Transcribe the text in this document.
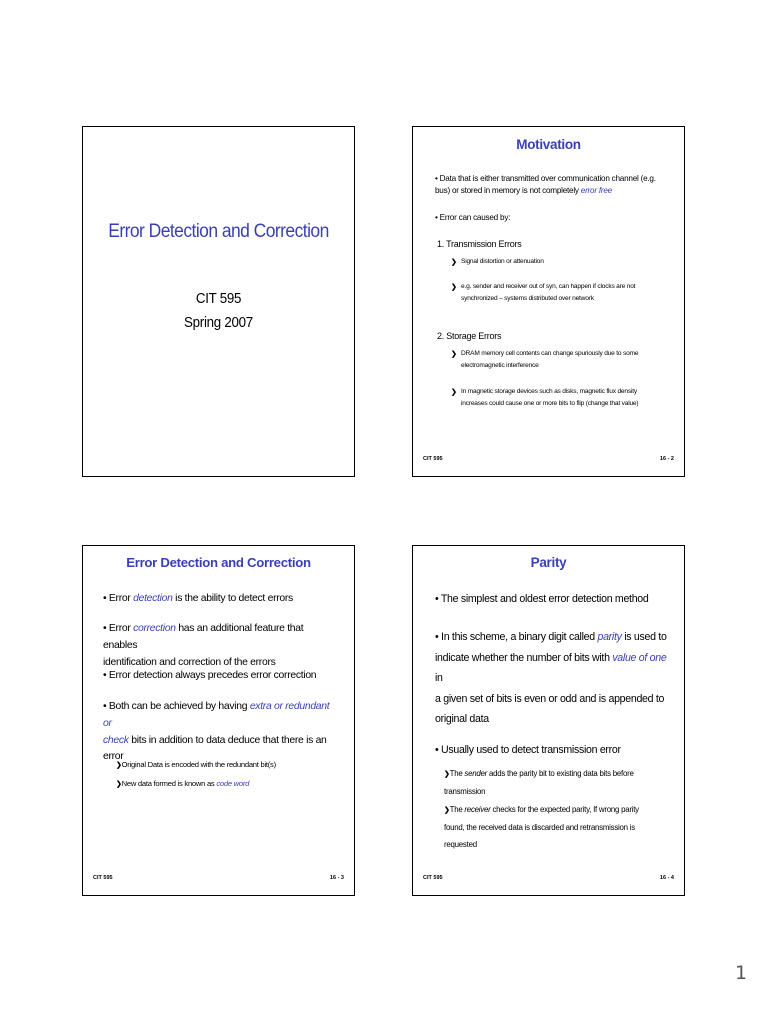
Error Detection and Correction
CIT 595
Spring 2007
Motivation
• Data that is either transmitted over communication channel (e.g.
bus) or stored in memory is not completely error free
• Error can caused by:
1. Transmission Errors
❯ Signal distortion or attenuation
❯ e.g. sender and receiver out of syn, can happen if clocks are not
synchronized – systems distributed over network
2. Storage Errors
❯ DRAM memory cell contents can change spuriously due to some
electromagnetic interference
❯ In magnetic storage devices such as disks, magnetic flux density
increases could cause one or more bits to flip (change that value)
CIT 595	16 - 2
Error Detection and Correction
• Error detection is the ability to detect errors
• Error correction has an additional feature that enables
identification and correction of the errors
• Error detection always precedes error correction
• Both can be achieved by having extra or redundant or
check bits in addition to data deduce that there is an
error
❯Original Data is encoded with the redundant bit(s)
❯New data formed is known as code word
CIT 595	16 - 3
Parity
• The simplest and oldest error detection method
• In this scheme, a binary digit called parity is used to
indicate whether the number of bits with value of one in
a given set of bits is even or odd and is appended to
original data
• Usually used to detect transmission error
❯The sender adds the parity bit to existing data bits before
transmission
❯The receiver checks for the expected parity, If wrong parity
found, the received data is discarded and retransmission is
requested
CIT 595	16 - 4
1
